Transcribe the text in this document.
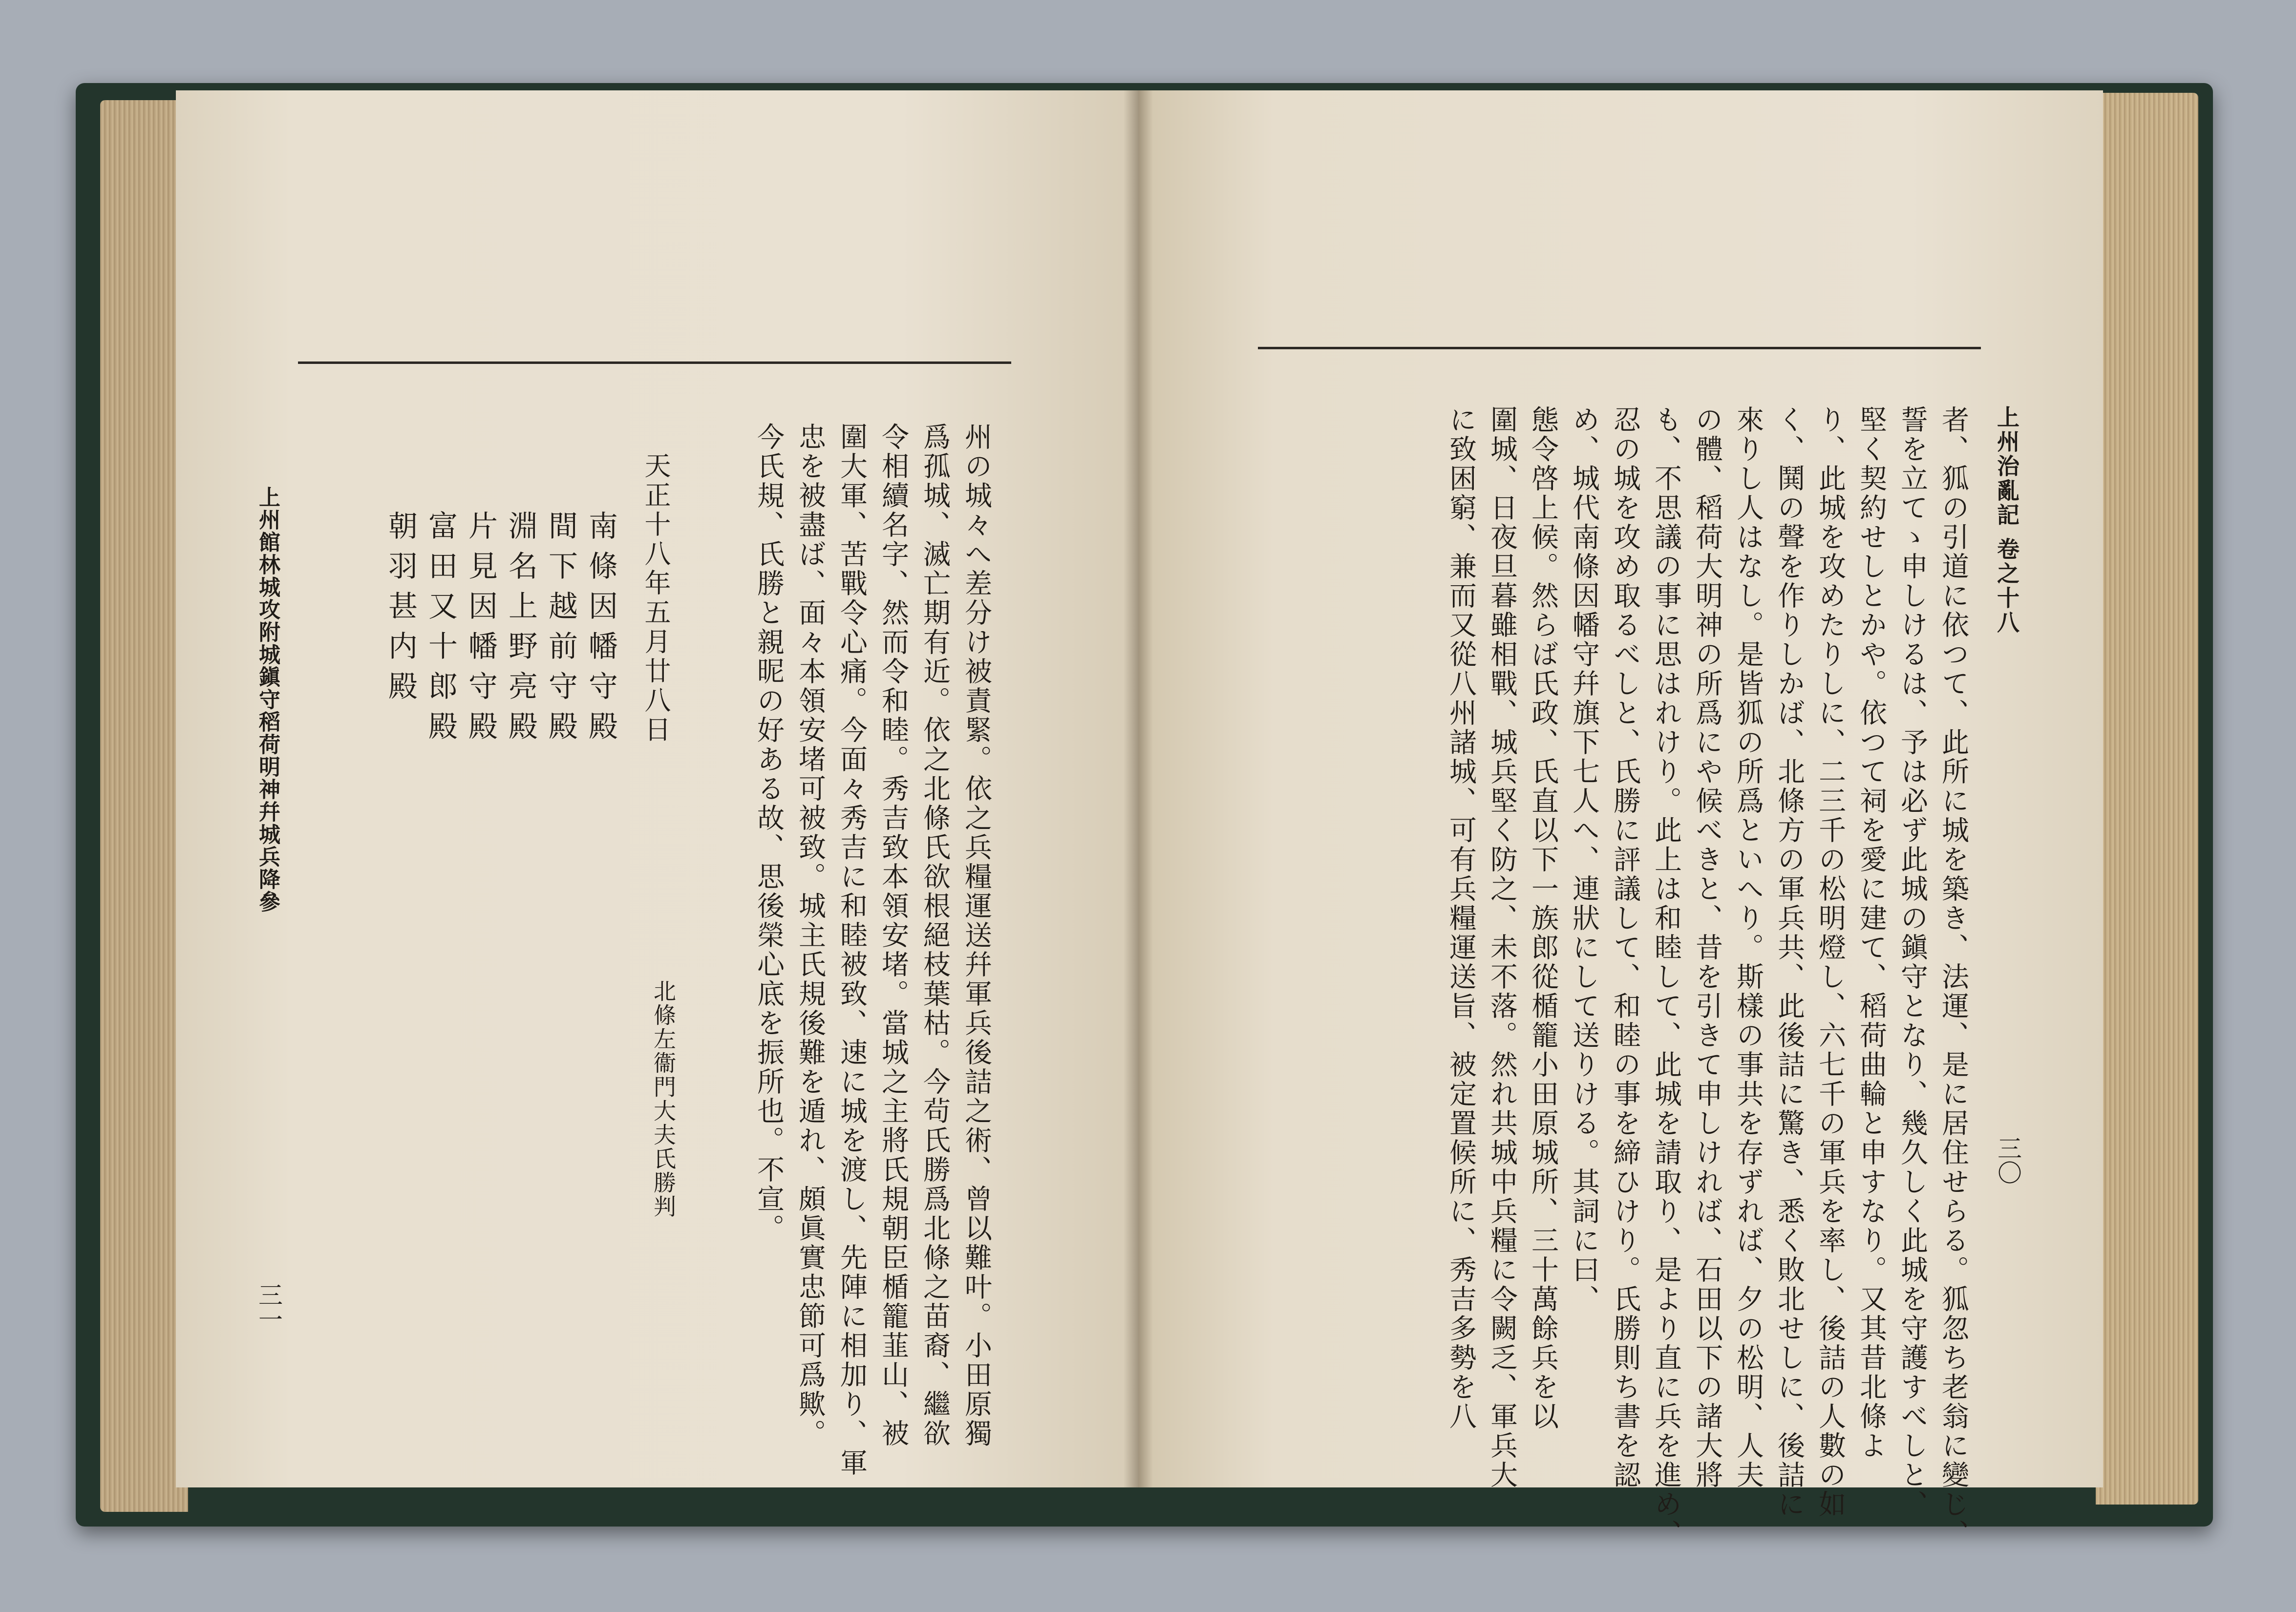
州の城々へ差分け被責緊。依之兵糧運送幷軍兵後詰之術、曾以難叶。小田原獨
爲孤城、滅亡期有近。依之北條氏欲根絕枝葉枯。今茍氏勝爲北條之苗裔、繼欲
令相續名字、然而令和睦。秀吉致本領安堵。當城之主將氏規朝臣楯籠韮山、被
圍大軍、苦戰令心痛。今面々秀吉に和睦被致、速に城を渡し、先陣に相加り、軍
忠を被盡ば、面々本領安堵可被致。城主氏規後難を遁れ、頗眞實忠節可爲歟。
今氏規、氏勝と親昵の好ある故、思後榮心底を振所也。不宣。
北條左衞門大夫氏勝判
天正十八年五月廿八日
南條因幡守殿
間下越前守殿
淵名上野亮殿
片見因幡守殿
富田又十郎殿
朝羽甚内殿
上州館林城攻附城鎭守稻荷明神幷城兵降參
三一
上州治亂記 卷之十八
三〇
者、狐の引道に依つて、此所に城を築き、法運、是に居住せらる。狐忽ち老翁に變じ、
誓を立てゝ申しけるは、予は必ず此城の鎭守となり、幾久しく此城を守護すべしと、
堅く契約せしとかや。依つて祠を愛に建て、稻荷曲輪と申すなり。又其昔北條よ
り、此城を攻めたりしに、二三千の松明燈し、六七千の軍兵を率し、後詰の人數の如
く、鬨の聲を作りしかば、北條方の軍兵共、此後詰に驚き、悉く敗北せしに、後詰に
來りし人はなし。是皆狐の所爲といへり。斯樣の事共を存ずれば、夕の松明、人夫
の體、稻荷大明神の所爲にや候べきと、昔を引きて申しければ、石田以下の諸大將
も、不思議の事に思はれけり。此上は和睦して、此城を請取り、是より直に兵を進め、
忍の城を攻め取るべしと、氏勝に評議して、和睦の事を締ひけり。氏勝則ち書を認
め、城代南條因幡守幷旗下七人へ、連狀にして送りける。其詞に曰、
態令啓上候。然らば氏政、氏直以下一族郎從楯籠小田原城所、三十萬餘兵を以
圍城、日夜旦暮雖相戰、城兵堅く防之、未不落。然れ共城中兵糧に令闕乏、軍兵大
に致困窮、兼而又從八州諸城、可有兵糧運送旨、被定置候所に、秀吉多勢を八
